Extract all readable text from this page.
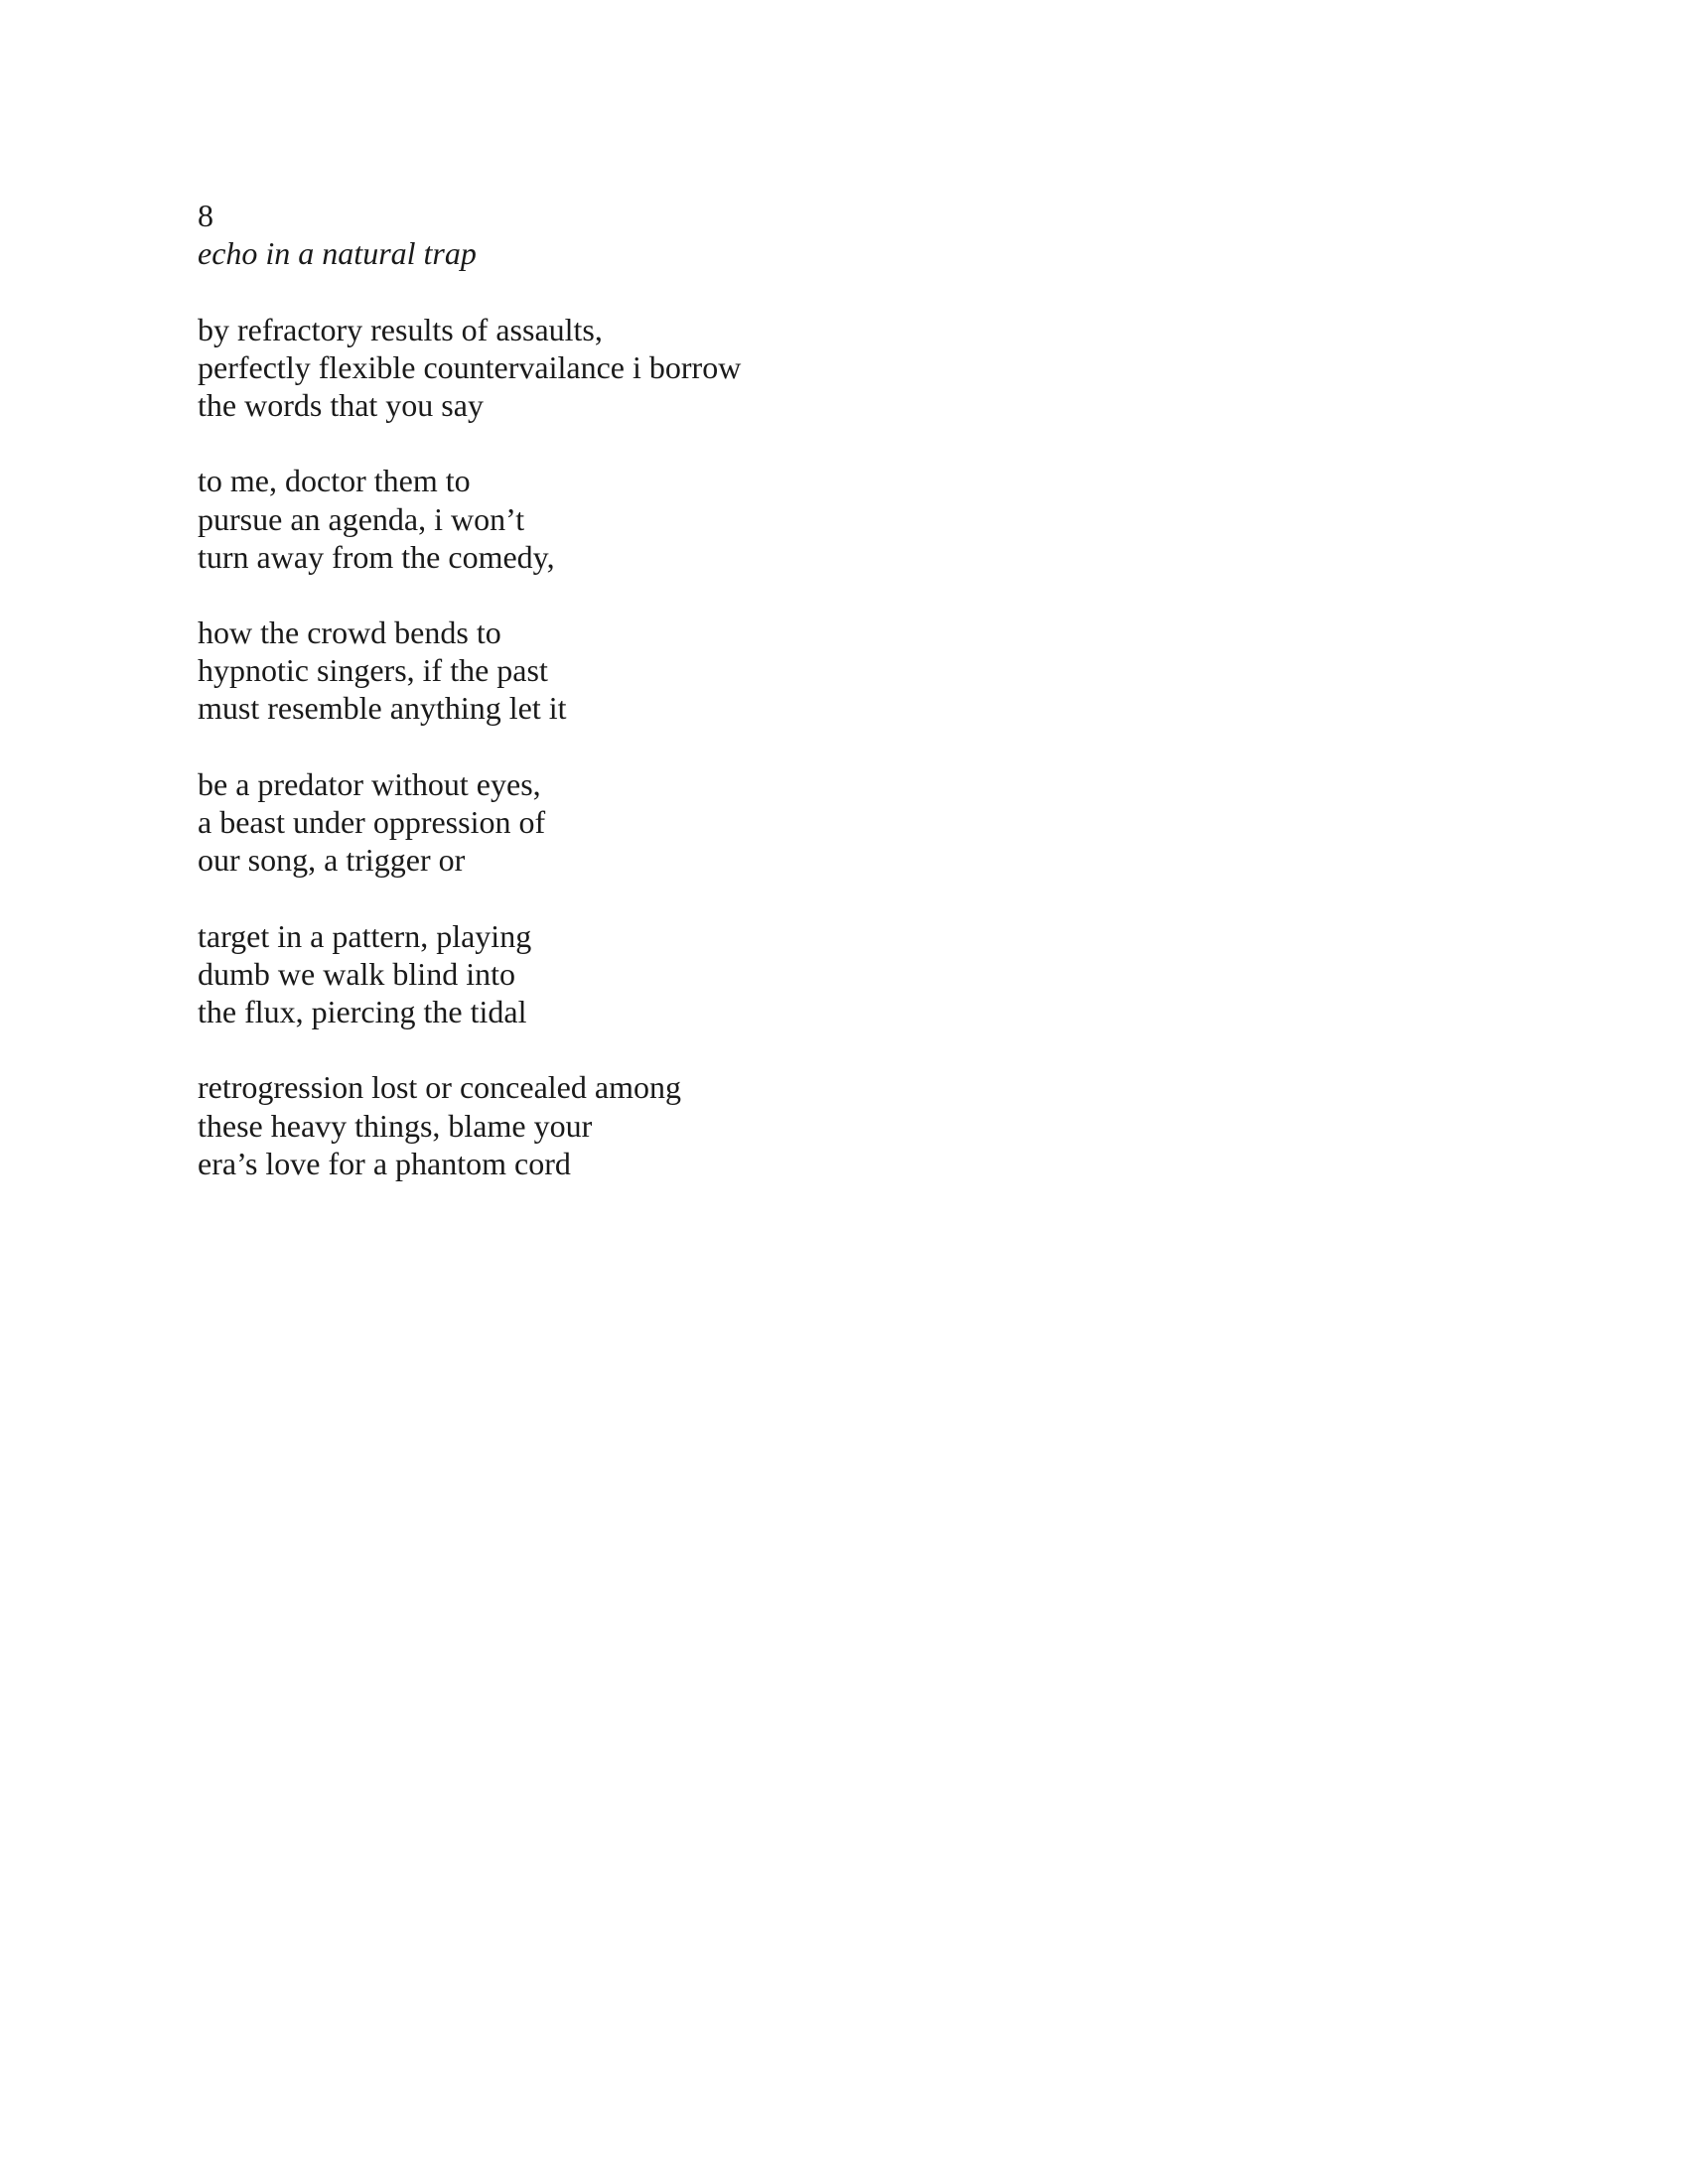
8
echo in a natural trap
by refractory results of assaults,
perfectly flexible countervailance i borrow
the words that you say
to me, doctor them to
pursue an agenda, i won’t
turn away from the comedy,
how the crowd bends to
hypnotic singers, if the past
must resemble anything let it
be a predator without eyes,
a beast under oppression of
our song, a trigger or
target in a pattern, playing
dumb we walk blind into
the flux, piercing the tidal
retrogression lost or concealed among
these heavy things, blame your
era’s love for a phantom cord
